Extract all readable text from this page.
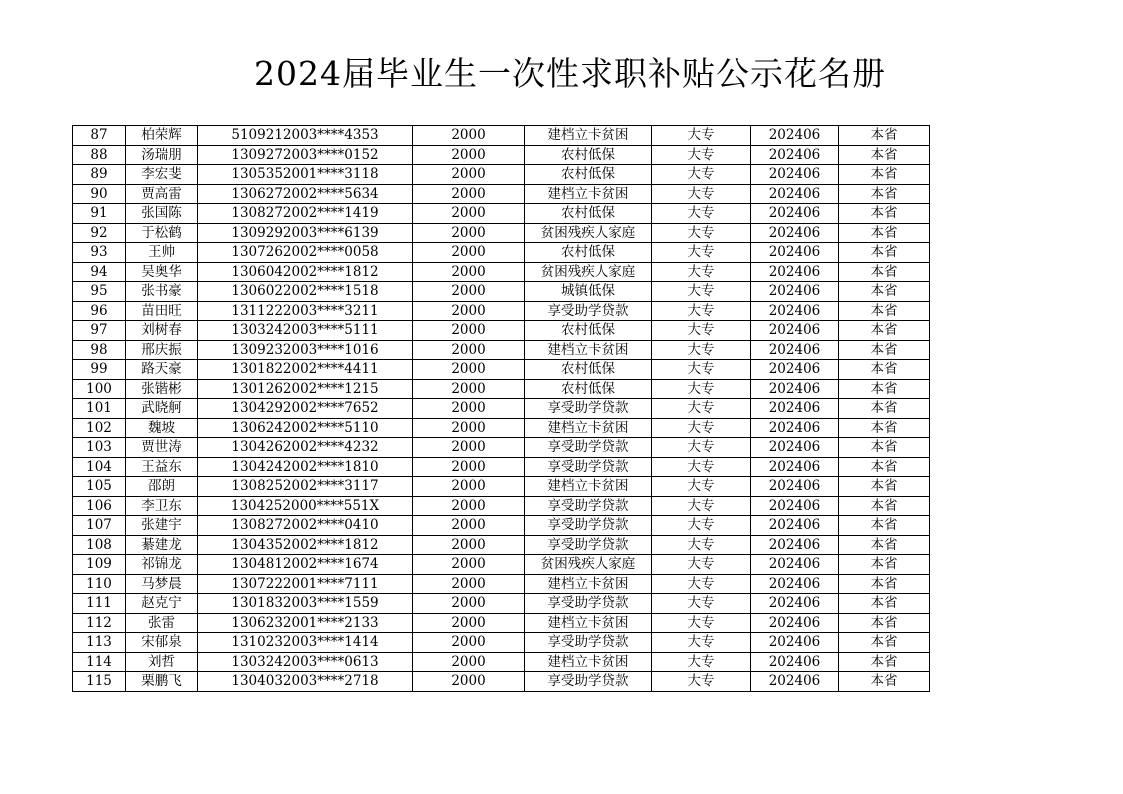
2024届毕业生一次性求职补贴公示花名册
87	柏荣辉	5109212003****4353	2000	建档立卡贫困	大专	202406	本省
88	汤瑞朋	1309272003****0152	2000	农村低保	大专	202406	本省
89	李宏斐	1305352001****3118	2000	农村低保	大专	202406	本省
90	贾高雷	1306272002****5634	2000	建档立卡贫困	大专	202406	本省
91	张国陈	1308272002****1419	2000	农村低保	大专	202406	本省
92	于松鹤	1309292003****6139	2000	贫困残疾人家庭	大专	202406	本省
93	王帅	1307262002****0058	2000	农村低保	大专	202406	本省
94	吴奥华	1306042002****1812	2000	贫困残疾人家庭	大专	202406	本省
95	张书豪	1306022002****1518	2000	城镇低保	大专	202406	本省
96	苗田旺	1311222003****3211	2000	享受助学贷款	大专	202406	本省
97	刘树春	1303242003****5111	2000	农村低保	大专	202406	本省
98	邢庆振	1309232003****1016	2000	建档立卡贫困	大专	202406	本省
99	路天豪	1301822002****4411	2000	农村低保	大专	202406	本省
100	张锴彬	1301262002****1215	2000	农村低保	大专	202406	本省
101	武晓舸	1304292002****7652	2000	享受助学贷款	大专	202406	本省
102	魏坡	1306242002****5110	2000	建档立卡贫困	大专	202406	本省
103	贾世涛	1304262002****4232	2000	享受助学贷款	大专	202406	本省
104	王益东	1304242002****1810	2000	享受助学贷款	大专	202406	本省
105	邵朗	1308252002****3117	2000	建档立卡贫困	大专	202406	本省
106	李卫东	1304252000****551X	2000	享受助学贷款	大专	202406	本省
107	张建宇	1308272002****0410	2000	享受助学贷款	大专	202406	本省
108	綦建龙	1304352002****1812	2000	享受助学贷款	大专	202406	本省
109	祁锦龙	1304812002****1674	2000	贫困残疾人家庭	大专	202406	本省
110	马梦晨	1307222001****7111	2000	建档立卡贫困	大专	202406	本省
111	赵克宁	1301832003****1559	2000	享受助学贷款	大专	202406	本省
112	张雷	1306232001****2133	2000	建档立卡贫困	大专	202406	本省
113	宋郁泉	1310232003****1414	2000	享受助学贷款	大专	202406	本省
114	刘哲	1303242003****0613	2000	建档立卡贫困	大专	202406	本省
115	栗鹏飞	1304032003****2718	2000	享受助学贷款	大专	202406	本省
